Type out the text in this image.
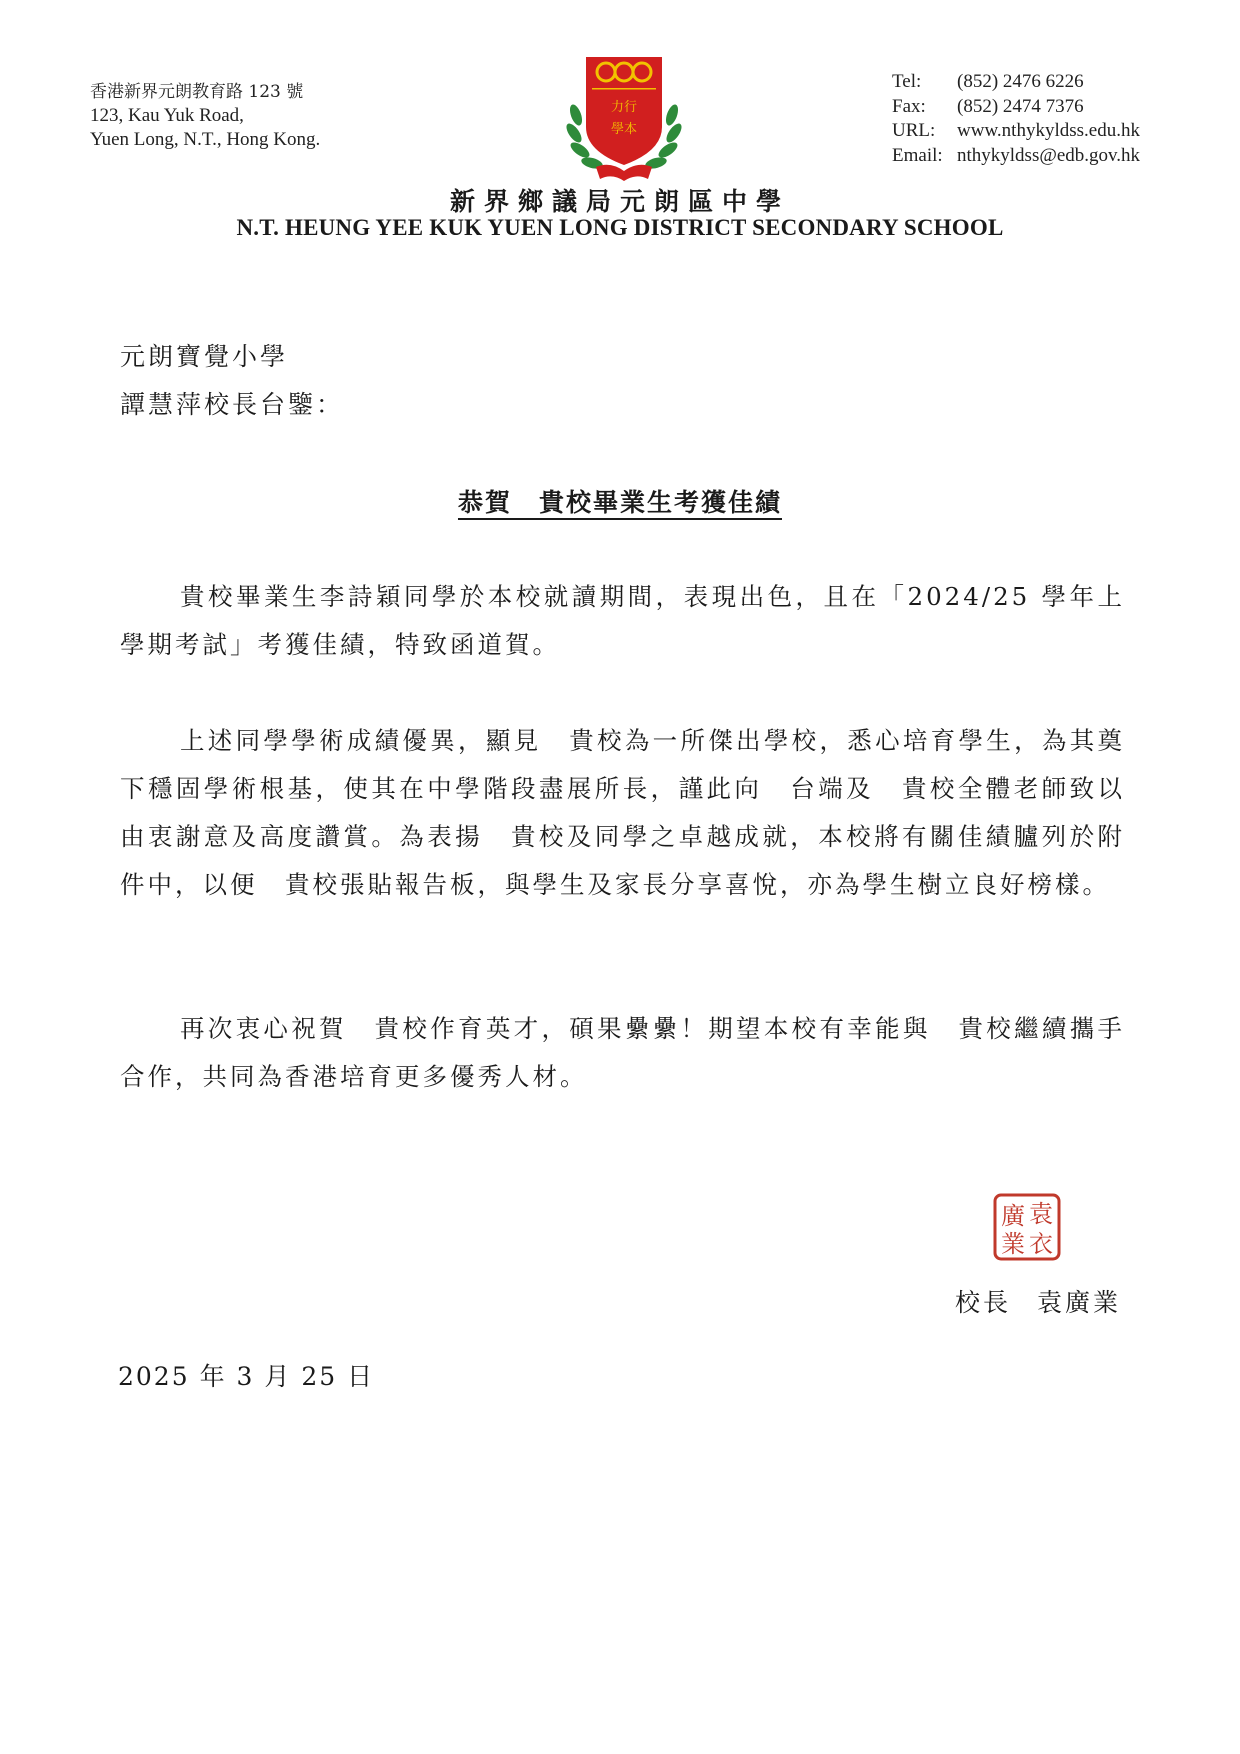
香港新界元朗教育路 123 號
123, Kau Yuk Road,
Yuen Long, N.T., Hong Kong.
力行
學本
Tel:	(852) 2476 6226
Fax:	(852) 2474 7376
URL:	www.nthykyldss.edu.hk
Email: nthykyldss@edb.gov.hk
新界鄉議局元朗區中學
N.T. HEUNG YEE KUK YUEN LONG DISTRICT SECONDARY SCHOOL
元朗寶覺小學
譚慧萍校長台鑒：
恭賀　貴校畢業生考獲佳績
貴校畢業生李詩穎同學於本校就讀期間，表現出色，且在「2024/25 學年上學期考試」考獲佳績，特致函道賀。
上述同學學術成績優異，顯見　貴校為一所傑出學校，悉心培育學生，為其奠下穩固學術根基，使其在中學階段盡展所長，謹此向　台端及　貴校全體老師致以由衷謝意及高度讚賞。為表揚　貴校及同學之卓越成就，本校將有關佳績臚列於附件中，以便　貴校張貼報告板，與學生及家長分享喜悅，亦為學生樹立良好榜樣。
再次衷心祝賀　貴校作育英才，碩果纍纍！期望本校有幸能與　貴校繼續攜手合作，共同為香港培育更多優秀人材。
袁
廣
業 衣
校長 袁廣業
2025 年 3 月 25 日
